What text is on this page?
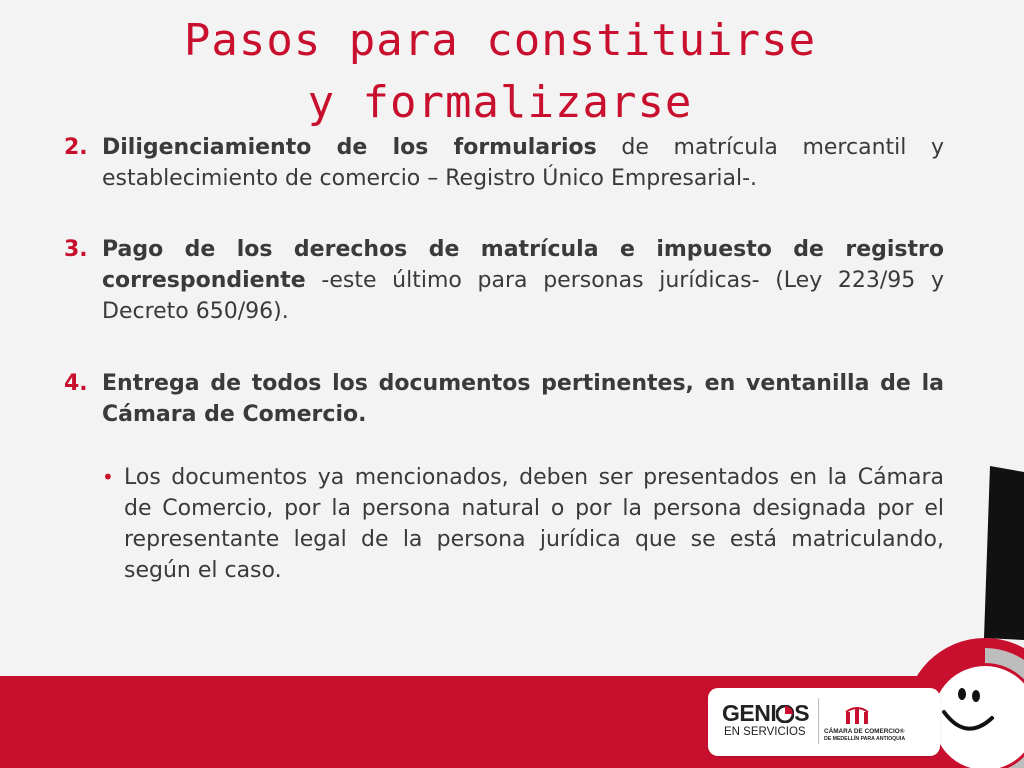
Pasos para constituirse
y formalizarse
2. Diligenciamiento de los formularios de matrícula mercantil y establecimiento de comercio – Registro Único Empresarial-.
3. Pago de los derechos de matrícula e impuesto de registro correspondiente -este último para personas jurídicas- (Ley 223/95 y Decreto 650/96).
4. Entrega de todos los documentos pertinentes, en ventanilla de la Cámara de Comercio.
• Los documentos ya mencionados, deben ser presentados en la Cámara de Comercio, por la persona natural o por la persona designada por el representante legal de la persona jurídica que se está matriculando, según el caso.
GENI S
EN SERVICIOS	CÁMARA DE COMERCIO®
DE MEDELLÍN PARA ANTIOQUIA
